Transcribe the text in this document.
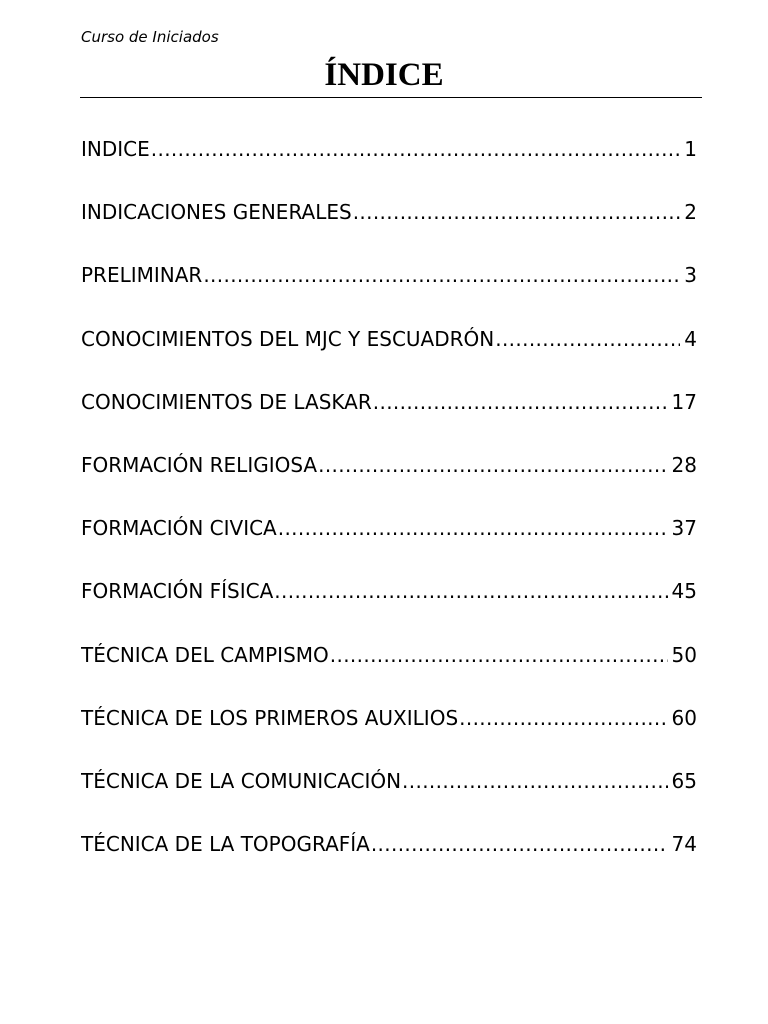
Curso de Iniciados
ÍNDICE
INDICE . . .	1
INDICACIONES GENERALES . . .	2
PRELIMINAR . . .	3
CONOCIMIENTOS DEL MJC Y ESCUADRÓN . . .	4
CONOCIMIENTOS DE LASKAR . . .	17
FORMACIÓN RELIGIOSA . . .	28
FORMACIÓN CIVICA . . .	37
FORMACIÓN FÍSICA . . .	45
TÉCNICA DEL CAMPISMO . . .	50
TÉCNICA DE LOS PRIMEROS AUXILIOS . . .	60
TÉCNICA DE LA COMUNICACIÓN . . .	65
TÉCNICA DE LA TOPOGRAFÍA . . .	74
